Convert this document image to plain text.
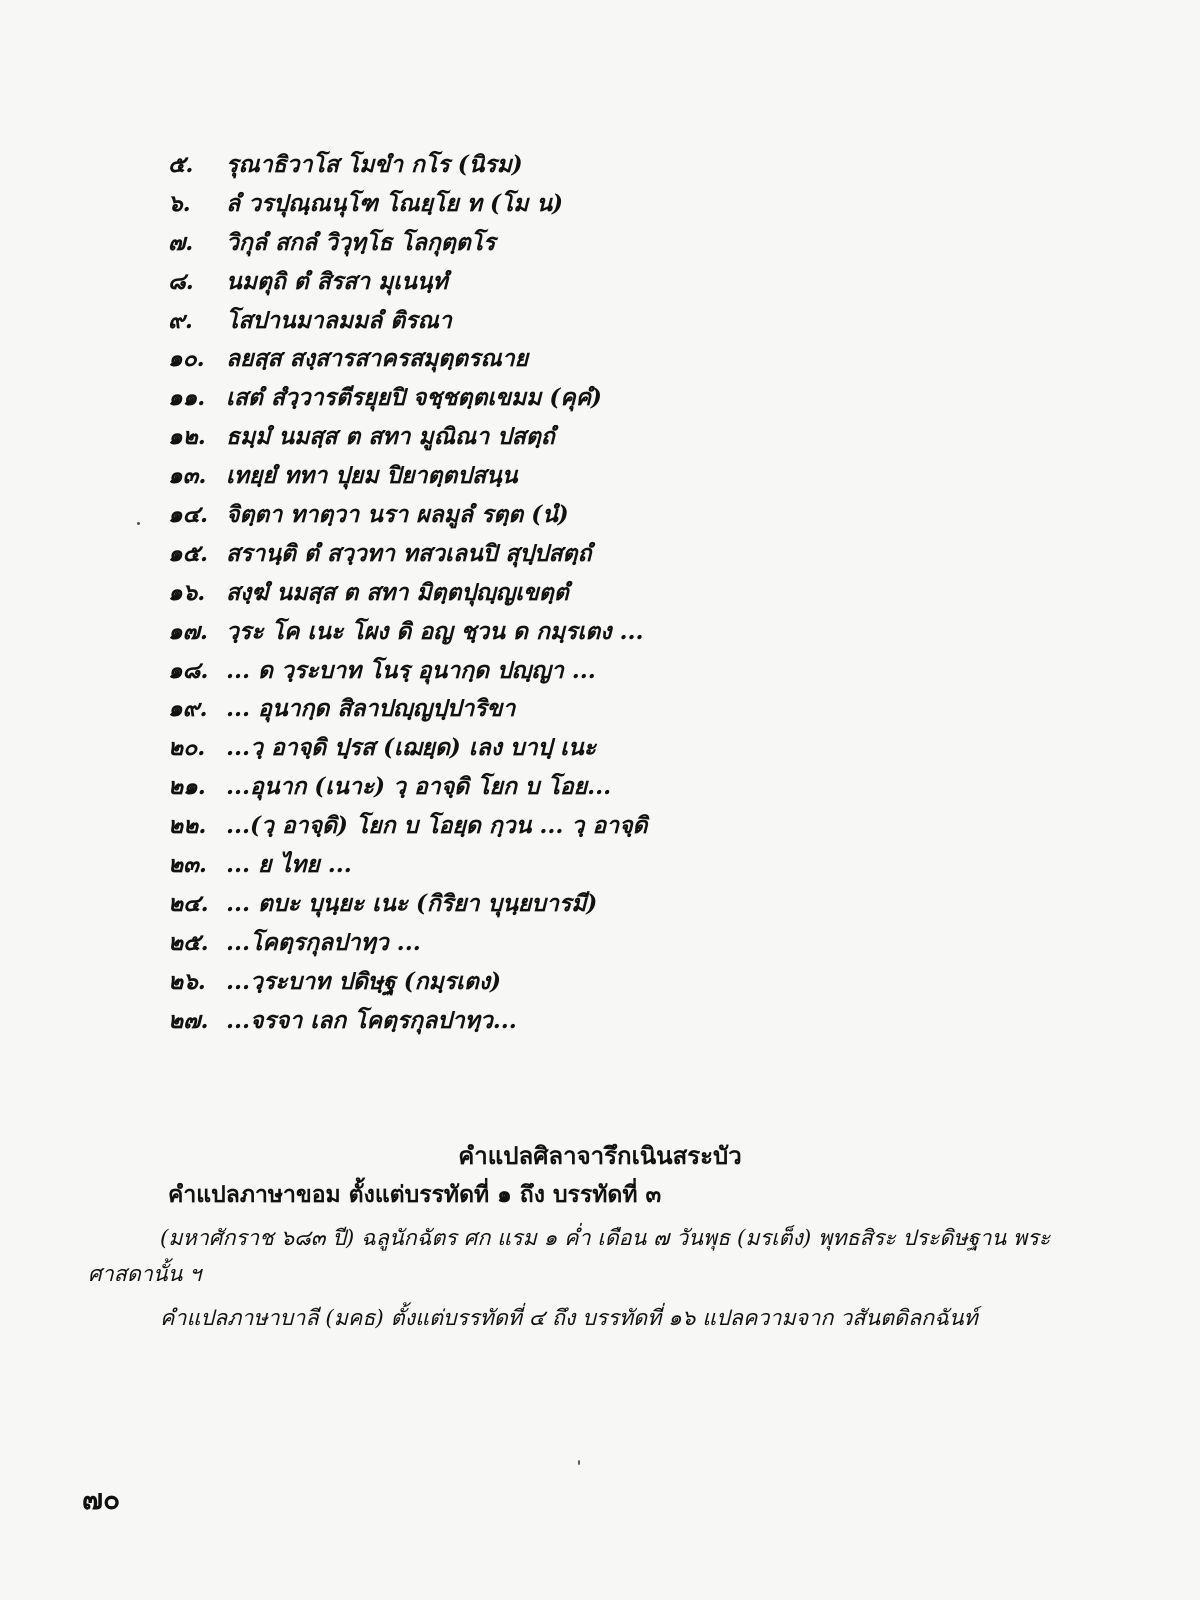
๕. รุณาธิวาโส โมขํา กโร (นิรม)
๖. ลํ วรปุณฺณนุโฑ โณยฺโย ท (โม น)
๗. วิกุลํ สกลํ วิวุทฺโธ โลกุตฺตโร
๘. นมตุถิ ตํ สิรสา มุเนนฺทํ
๙. โสปานมาลมมลํ ติรณา
๑๐. ลยสฺส สงฺสารสาครสมุตฺตรณาย
๑๑. เสตํ สํวฺวารตีรยุยปิ จชฺชตฺตเขมม (คุคํ)
๑๒. ธมฺมํ นมสฺส ต สทา มูณิณา ปสตฺถํ
๑๓. เทยฺยํ ททา ปุยม ปิยาตฺตปสนฺน
๑๔. จิตฺตา ทาตฺวา นรา ผลมูลํ รตฺต (นํ)
๑๕. สรานฺติ ตํ สวฺวทา ทสวเลนปิ สุปฺปสตฺถํ
๑๖. สงฺฆํ นมสฺส ต สทา มิตฺตปุญฺญเขตฺตํ
๑๗. วฺระ โค เนะ โผง ดิ อญ ชฺวน ด กมฺรเตง ...
๑๘. ... ด วฺระบาท โนรฺ อุนากฺด ปญฺญา ...
๑๙. ... อุนากฺด สิลาปญฺญปฺปาริขา
๒๐. ...วฺ อาจฺดิ ปฺรส (เฌยฺด) เลง บาปฺ เนะ
๒๑. ...อุนาก (เนาะ) วฺ อาจฺดิ โยก บ โอย...
๒๒. ...(วฺ อาจฺดิ) โยก บ โอยฺด กฺวน ... วฺ อาจฺดิ
๒๓. ... ย ไทย ...
๒๔. ... ตบะ บุนฺยะ เนะ (กิริยา บุนฺยบารมี)
๒๕. ...โคตฺรกุลปาทฺว ...
๒๖. ...วฺระบาท ปดิษฺฐ (กมฺรเตง)
๒๗. ...จรจา เลก โคตฺรกุลปาทฺว...
คำแปลศิลาจารึกเนินสระบัว
คำแปลภาษาขอม ตั้งแต่บรรทัดที่ ๑ ถึง บรรทัดที่ ๓
(มหาศักราช ๖๘๓ ปี) ฉลูนักฉัตร ศก แรม ๑ ค่ำ เดือน ๗ วันพุธ (มรเต็ง) พุทธสิระ ประดิษฐาน พระศาสดานั้น ฯ
คำแปลภาษาบาลี (มคธ) ตั้งแต่บรรทัดที่ ๔ ถึง บรรทัดที่ ๑๖ แปลความจาก วสันตดิลกฉันท์
๗๐
